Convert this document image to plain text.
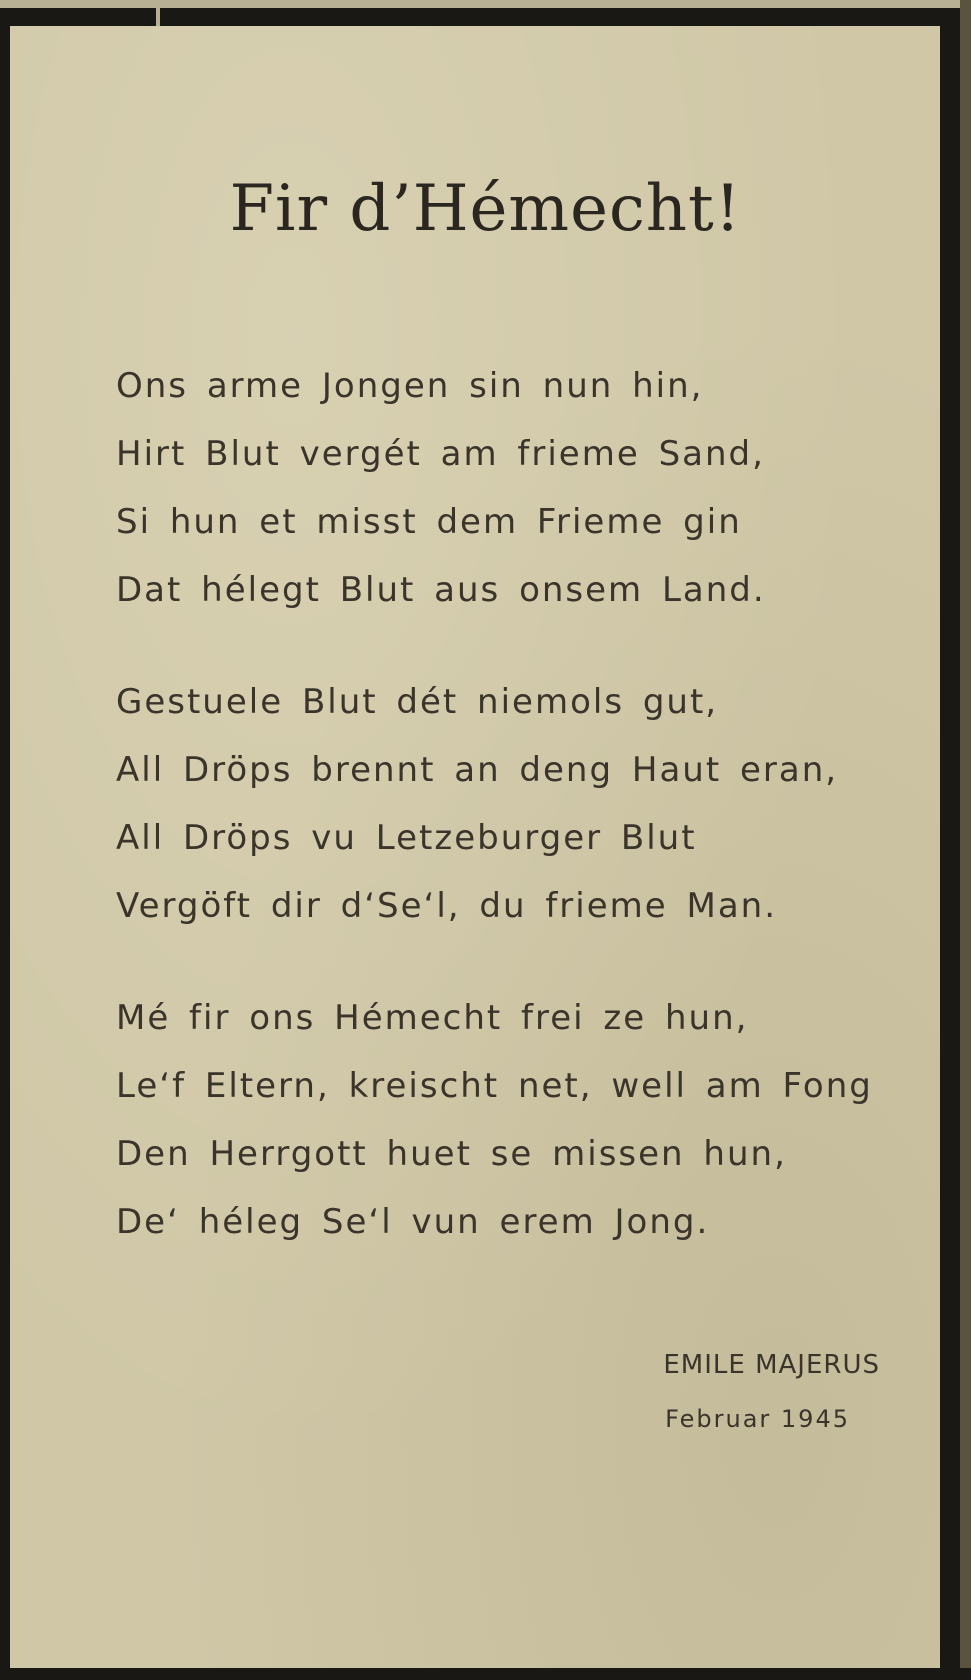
Fir d’Hémecht!
Ons arme Jongen sin nun hin,
Hirt Blut vergét am frieme Sand,
Si hun et misst dem Frieme gin
Dat hélegt Blut aus onsem Land.
Gestuele Blut dét niemols gut,
All Dröps brennt an deng Haut eran,
All Dröps vu Letzeburger Blut
Vergöft dir d‘Se‘l, du frieme Man.
Mé fir ons Hémecht frei ze hun,
Le‘f Eltern, kreischt net, well am Fong
Den Herrgott huet se missen hun,
De‘ héleg Se‘l vun erem Jong.
EMILE MAJERUS
Februar 1945
